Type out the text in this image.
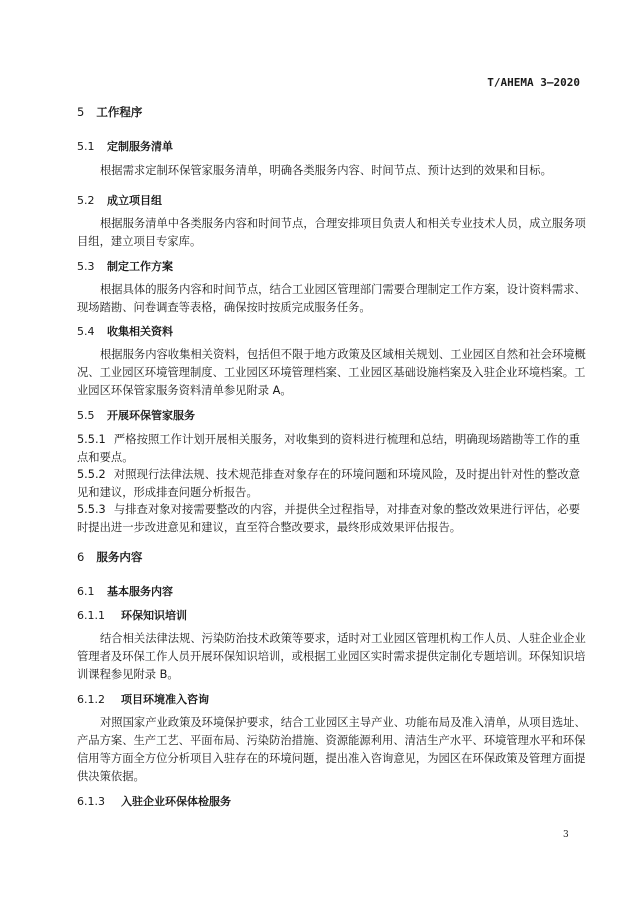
T/AHEMA 3—2020
5 工作程序
5.1 定制服务清单
根据需求定制环保管家服务清单，明确各类服务内容、时间节点、预计达到的效果和目标。
5.2 成立项目组
根据服务清单中各类服务内容和时间节点，合理安排项目负责人和相关专业技术人员，成立服务项
目组，建立项目专家库。
5.3 制定工作方案
根据具体的服务内容和时间节点，结合工业园区管理部门需要合理制定工作方案，设计资料需求、
现场踏勘、问卷调查等表格，确保按时按质完成服务任务。
5.4 收集相关资料
根据服务内容收集相关资料，包括但不限于地方政策及区域相关规划、工业园区自然和社会环境概
况、工业园区环境管理制度、工业园区环境管理档案、工业园区基础设施档案及入驻企业环境档案。工
业园区环保管家服务资料清单参见附录 A。
5.5 开展环保管家服务
5.5.1 严格按照工作计划开展相关服务，对收集到的资料进行梳理和总结，明确现场踏勘等工作的重
点和要点。
5.5.2 对照现行法律法规、技术规范排查对象存在的环境问题和环境风险，及时提出针对性的整改意
见和建议，形成排查问题分析报告。
5.5.3 与排查对象对接需要整改的内容，并提供全过程指导，对排查对象的整改效果进行评估，必要
时提出进一步改进意见和建议，直至符合整改要求，最终形成效果评估报告。
6 服务内容
6.1 基本服务内容
6.1.1 环保知识培训
结合相关法律法规、污染防治技术政策等要求，适时对工业园区管理机构工作人员、人驻企业企业
管理者及环保工作人员开展环保知识培训，或根据工业园区实时需求提供定制化专题培训。环保知识培
训课程参见附录 B。
6.1.2 项目环境准入咨询
对照国家产业政策及环境保护要求，结合工业园区主导产业、功能布局及准入清单，从项目选址、
产品方案、生产工艺、平面布局、污染防治措施、资源能源利用、清洁生产水平、环境管理水平和环保
信用等方面全方位分析项目入驻存在的环境问题，提出准入咨询意见，为园区在环保政策及管理方面提
供决策依据。
6.1.3 入驻企业环保体检服务
3
